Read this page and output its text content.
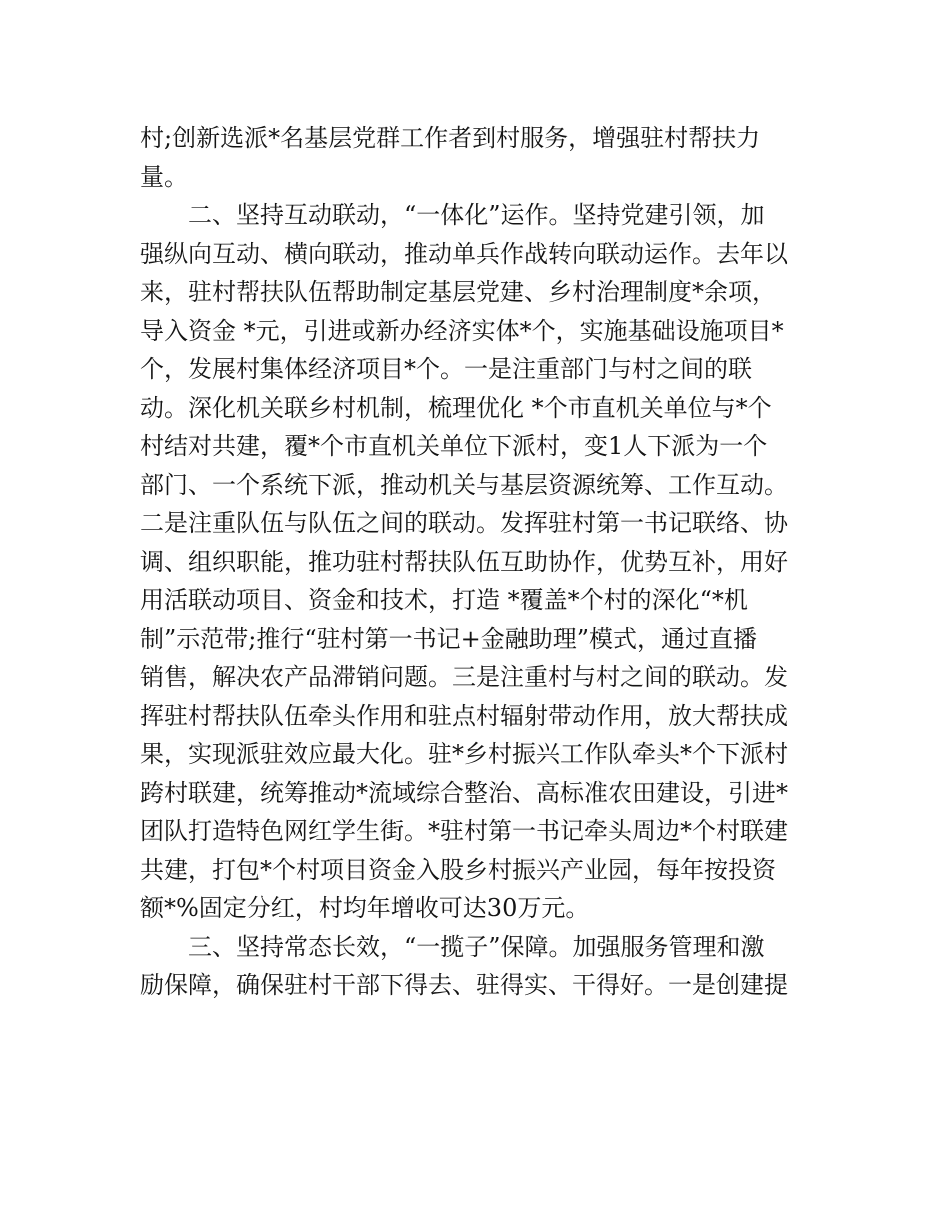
村;创新选派*名基层党群工作者到村服务，增强驻村帮扶力
量。
二、坚持互动联动，“一体化”运作。坚持党建引领，加
强纵向互动、横向联动，推动单兵作战转向联动运作。去年以
来，驻村帮扶队伍帮助制定基层党建、乡村治理制度*余项，
导入资金 *元，引进或新办经济实体*个，实施基础设施项目*
个，发展村集体经济项目*个。一是注重部门与村之间的联
动。深化机关联乡村机制，梳理优化 *个市直机关单位与*个
村结对共建，覆*个市直机关单位下派村，变1人下派为一个
部门、一个系统下派，推动机关与基层资源统筹、工作互动。
二是注重队伍与队伍之间的联动。发挥驻村第一书记联络、协
调、组织职能，推功驻村帮扶队伍互助协作，优势互补，用好
用活联动项目、资金和技术，打造 *覆盖*个村的深化“*机
制”示范带;推行“驻村第一书记+金融助理”模式，通过直播
销售，解决农产品滞销问题。三是注重村与村之间的联动。发
挥驻村帮扶队伍牵头作用和驻点村辐射带动作用，放大帮扶成
果，实现派驻效应最大化。驻*乡村振兴工作队牵头*个下派村
跨村联建，统筹推动*流域综合整治、高标准农田建设，引进*
团队打造特色网红学生街。*驻村第一书记牵头周边*个村联建
共建，打包*个村项目资金入股乡村振兴产业园，每年按投资
额*%固定分红，村均年增收可达30万元。
三、坚持常态长效，“一揽子”保障。加强服务管理和激
励保障，确保驻村干部下得去、驻得实、干得好。一是创建提
